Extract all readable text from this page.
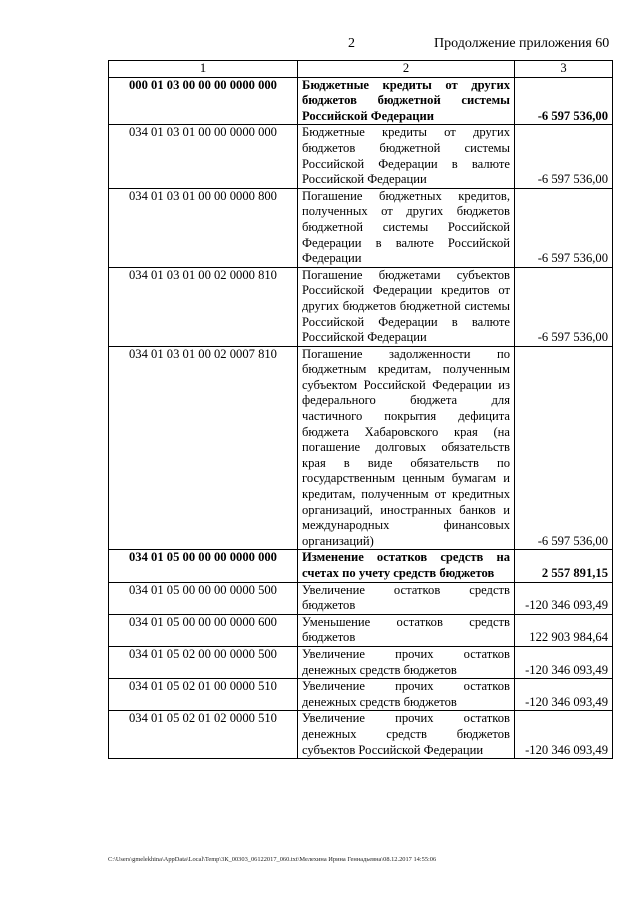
2	Продолжение приложения 60
1	2	3
000 01 03 00 00 00 0000 000	Бюджетные кредиты от других бюджетов бюджетной системы Российской Федерации	-6 597 536,00
034 01 03 01 00 00 0000 000	Бюджетные кредиты от других бюджетов бюджетной системы Российской Федерации в валюте Российской Федерации	-6 597 536,00
034 01 03 01 00 00 0000 800	Погашение бюджетных кредитов, полученных от других бюджетов бюджетной системы Российской Федерации в валюте Российской Федерации	-6 597 536,00
034 01 03 01 00 02 0000 810	Погашение бюджетами субъектов Российской Федерации кредитов от других бюджетов бюджетной системы Российской Федерации в валюте Российской Федерации	-6 597 536,00
034 01 03 01 00 02 0007 810	Погашение задолженности по бюджетным кредитам, полученным субъектом Российской Федерации из федерального бюджета для частичного покрытия дефицита бюджета Хабаровского края (на погашение долговых обязательств края в виде обязательств по государственным ценным бумагам и кредитам, полученным от кредитных организаций, иностранных банков и международных финансовых организаций)	-6 597 536,00
034 01 05 00 00 00 0000 000	Изменение остатков средств на счетах по учету средств бюджетов	2 557 891,15
034 01 05 00 00 00 0000 500	Увеличение остатков средств бюджетов	-120 346 093,49
034 01 05 00 00 00 0000 600	Уменьшение остатков средств бюджетов	122 903 984,64
034 01 05 02 00 00 0000 500	Увеличение прочих остатков денежных средств бюджетов	-120 346 093,49
034 01 05 02 01 00 0000 510	Увеличение прочих остатков денежных средств бюджетов	-120 346 093,49
034 01 05 02 01 02 0000 510	Увеличение прочих остатков денежных средств бюджетов субъектов Российской Федерации	-120 346 093,49
C:\Users\gmelekhina\AppData\Local\Temp\3К_00303_06122017_060.txt\Мелехина Ирина Геннадьевна\08.12.2017 14:55:06
